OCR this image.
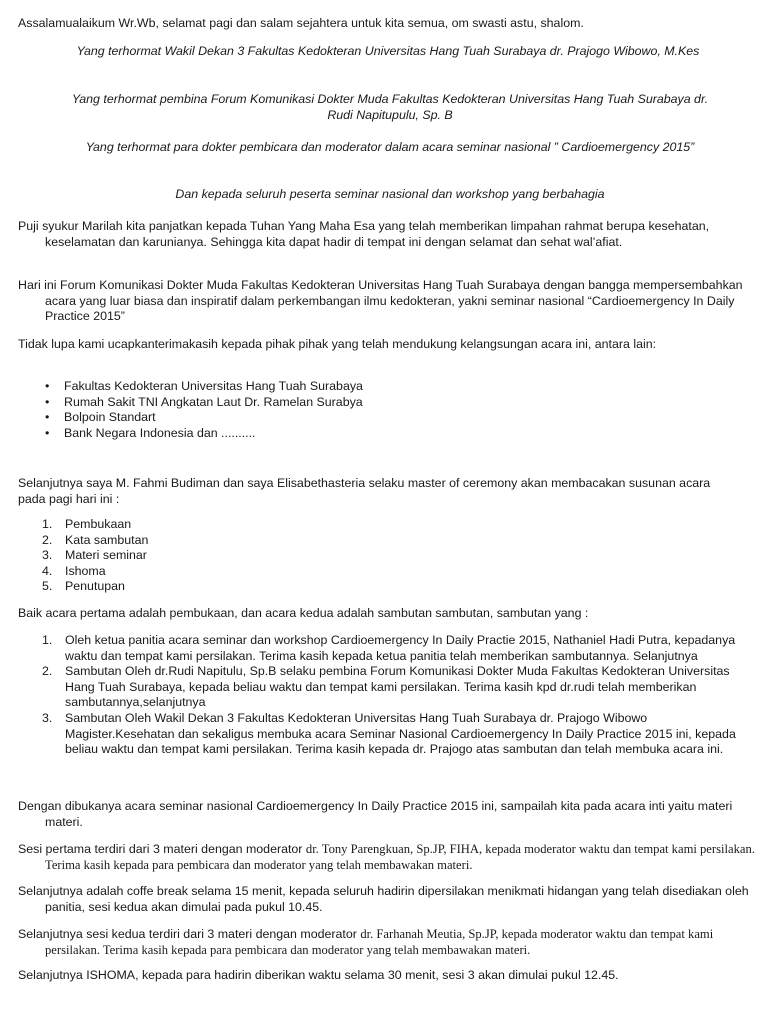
Assalamualaikum Wr.Wb, selamat pagi dan salam sejahtera untuk kita semua, om swasti astu, shalom.
Yang terhormat Wakil Dekan 3 Fakultas Kedokteran Universitas Hang Tuah Surabaya dr. Prajogo Wibowo, M.Kes
Yang terhormat pembina Forum Komunikasi Dokter Muda Fakultas Kedokteran Universitas Hang Tuah Surabaya dr. Rudi Napitupulu, Sp. B
Yang terhormat para dokter pembicara dan moderator dalam acara seminar nasional ” Cardioemergency 2015”
Dan kepada seluruh peserta seminar nasional dan workshop yang berbahagia
Puji syukur Marilah kita panjatkan kepada Tuhan Yang Maha Esa yang telah memberikan limpahan rahmat berupa kesehatan, keselamatan dan karunianya. Sehingga kita dapat hadir di tempat ini dengan selamat dan sehat wal’afiat.
Hari ini Forum Komunikasi Dokter Muda Fakultas Kedokteran Universitas Hang Tuah Surabaya dengan bangga mempersembahkan acara yang luar biasa dan inspiratif dalam perkembangan ilmu kedokteran, yakni seminar nasional “Cardioemergency In Daily Practice 2015”
Tidak lupa kami ucapkanterimakasih kepada pihak pihak yang telah mendukung kelangsungan acara ini, antara lain:
• Fakultas Kedokteran Universitas Hang Tuah Surabaya
• Rumah Sakit TNI Angkatan Laut Dr. Ramelan Surabya
• Bolpoin Standart
• Bank Negara Indonesia dan ..........
Selanjutnya saya M. Fahmi Budiman dan saya Elisabethasteria selaku master of ceremony akan membacakan susunan acara pada pagi hari ini :
1. Pembukaan
2. Kata sambutan
3. Materi seminar
4. Ishoma
5. Penutupan
Baik acara pertama adalah pembukaan, dan acara kedua adalah sambutan sambutan, sambutan yang :
1. Oleh ketua panitia acara seminar dan workshop Cardioemergency In Daily Practie 2015, Nathaniel Hadi Putra, kepadanya waktu dan tempat kami persilakan. Terima kasih kepada ketua panitia telah memberikan sambutannya. Selanjutnya
2. Sambutan Oleh dr.Rudi Napitulu, Sp.B selaku pembina Forum Komunikasi Dokter Muda Fakultas Kedokteran Universitas Hang Tuah Surabaya, kepada beliau waktu dan tempat kami persilakan. Terima kasih kpd dr.rudi telah memberikan sambutannya,selanjutnya
3. Sambutan Oleh Wakil Dekan 3 Fakultas Kedokteran Universitas Hang Tuah Surabaya dr. Prajogo Wibowo Magister.Kesehatan dan sekaligus membuka acara Seminar Nasional Cardioemergency In Daily Practice 2015 ini, kepada beliau waktu dan tempat kami persilakan. Terima kasih kepada dr. Prajogo atas sambutan dan telah membuka acara ini.
Dengan dibukanya acara seminar nasional Cardioemergency In Daily Practice 2015 ini, sampailah kita pada acara inti yaitu materi materi.
Sesi pertama terdiri dari 3 materi dengan moderator dr. Tony Parengkuan, Sp.JP, FIHA, kepada moderator waktu dan tempat kami persilakan. Terima kasih kepada para pembicara dan moderator yang telah membawakan materi.
Selanjutnya adalah coffe break selama 15 menit, kepada seluruh hadirin dipersilakan menikmati hidangan yang telah disediakan oleh panitia, sesi kedua akan dimulai pada pukul 10.45.
Selanjutnya sesi kedua terdiri dari 3 materi dengan moderator dr. Farhanah Meutia, Sp.JP, kepada moderator waktu dan tempat kami persilakan. Terima kasih kepada para pembicara dan moderator yang telah membawakan materi.
Selanjutnya ISHOMA, kepada para hadirin diberikan waktu selama 30 menit, sesi 3 akan dimulai pukul 12.45.
